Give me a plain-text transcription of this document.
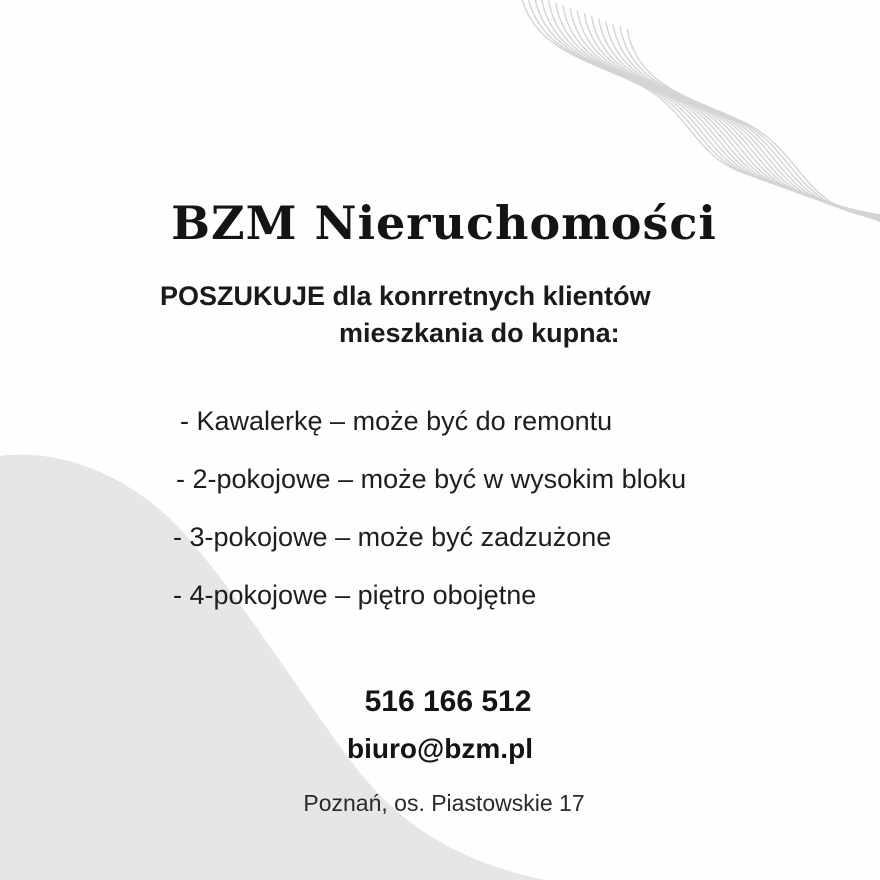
BZM Nieruchomości

POSZUKUJE dla konrretnych klientów

mieszkania do kupna:

- Kawalerkę – może być do remontu

- 2-pokojowe – może być w wysokim bloku

- 3-pokojowe – może być zadzużone

- 4-pokojowe – piętro obojętne

516 166 512

biuro@bzm.pl

Poznań, os. Piastowskie 17
